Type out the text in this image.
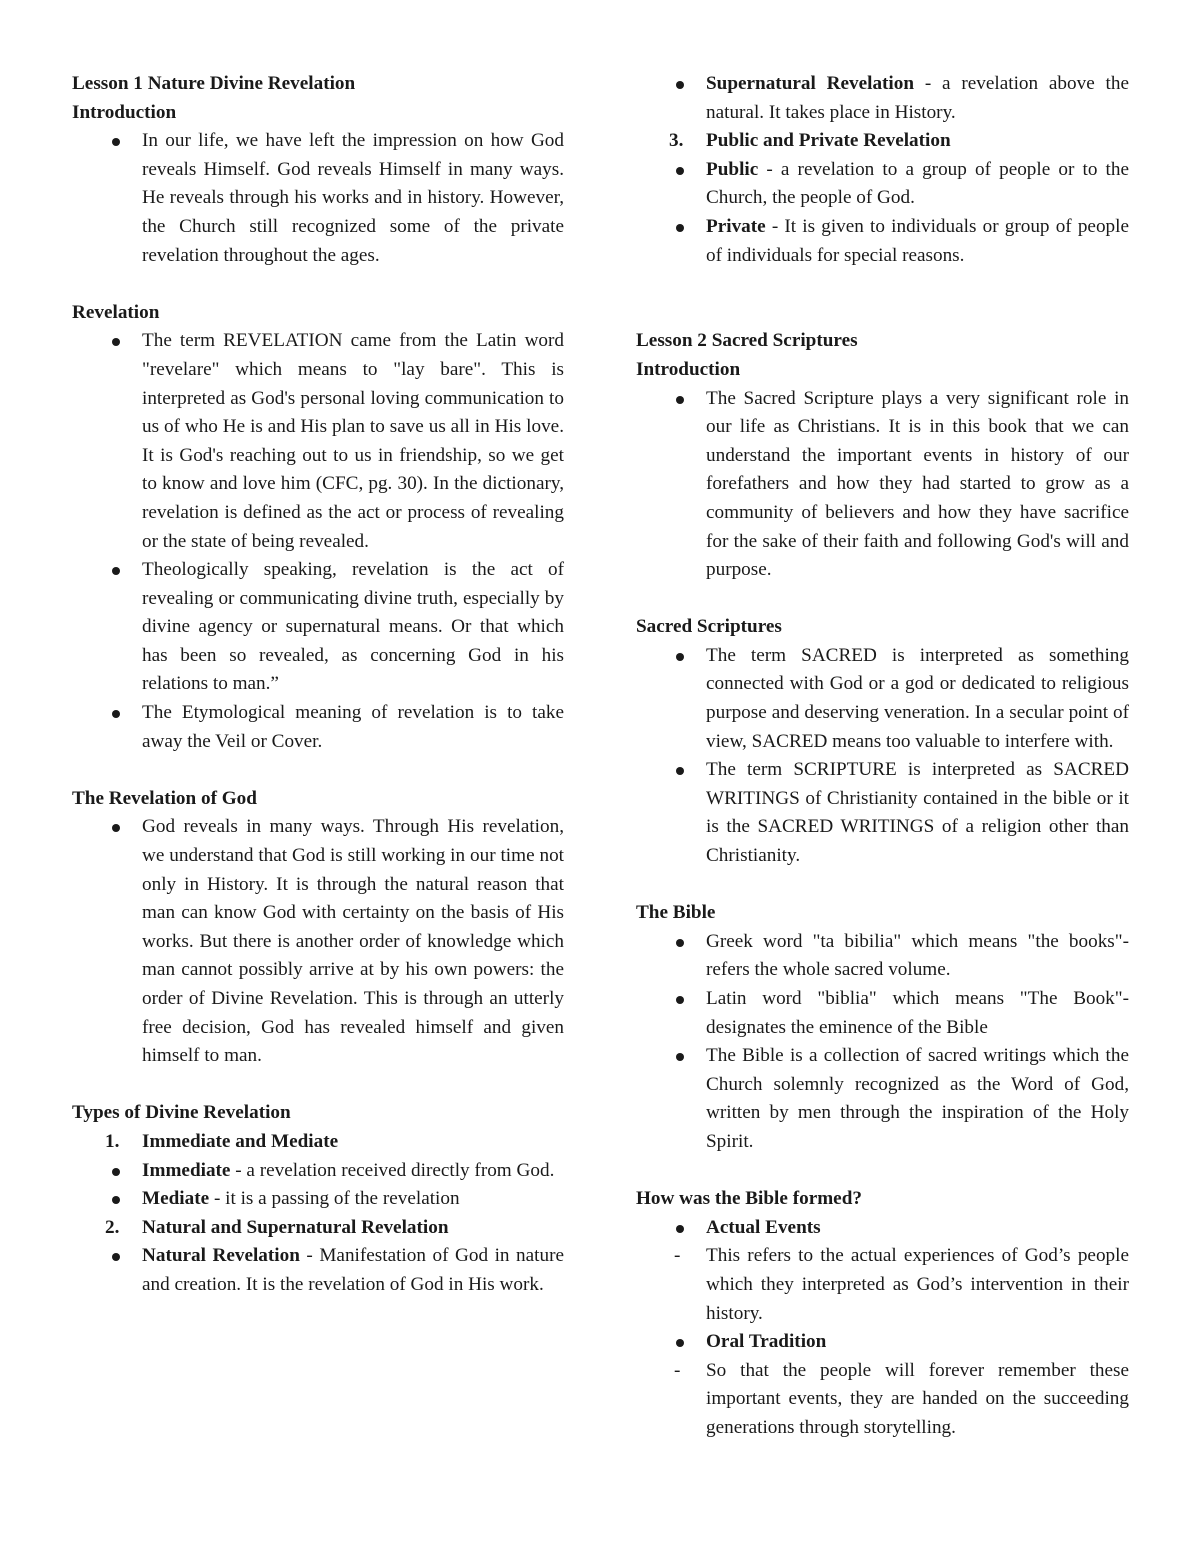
Lesson 1 Nature Divine Revelation

Introduction

In our life, we have left the impression on how God reveals Himself. God reveals Himself in many ways. He reveals through his works and in history. However, the Church still recognized some of the private revelation throughout the ages.

Revelation

The term REVELATION came from the Latin word "revelare" which means to "lay bare". This is interpreted as God's personal loving communication to us of who He is and His plan to save us all in His love. It is God's reaching out to us in friendship, so we get to know and love him (CFC, pg. 30). In the dictionary, revelation is defined as the act or process of revealing or the state of being revealed.
Theologically speaking, revelation is the act of revealing or communicating divine truth, especially by divine agency or supernatural means. Or that which has been so revealed, as concerning God in his relations to man.”
The Etymological meaning of revelation is to take away the Veil or Cover.

The Revelation of God

God reveals in many ways. Through His revelation, we understand that God is still working in our time not only in History. It is through the natural reason that man can know God with certainty on the basis of His works. But there is another order of knowledge which man cannot possibly arrive at by his own powers: the order of Divine Revelation. This is through an utterly free decision, God has revealed himself and given himself to man.

Types of Divine Revelation

1. Immediate and Mediate
Immediate - a revelation received directly from God.
Mediate - it is a passing of the revelation
2. Natural and Supernatural Revelation
Natural Revelation - Manifestation of God in nature and creation. It is the revelation of God in His work.
Supernatural Revelation - a revelation above the natural. It takes place in History.
3. Public and Private Revelation
Public - a revelation to a group of people or to the Church, the people of God.
Private - It is given to individuals or group of people of individuals for special reasons.

Lesson 2 Sacred Scriptures

Introduction

The Sacred Scripture plays a very significant role in our life as Christians. It is in this book that we can understand the important events in history of our forefathers and how they had started to grow as a community of believers and how they have sacrifice for the sake of their faith and following God's will and purpose.

Sacred Scriptures

The term SACRED is interpreted as something connected with God or a god or dedicated to religious purpose and deserving veneration. In a secular point of view, SACRED means too valuable to interfere with.
The term SCRIPTURE is interpreted as SACRED WRITINGS of Christianity contained in the bible or it is the SACRED WRITINGS of a religion other than Christianity.

The Bible

Greek word "ta bibilia" which means "the books"-refers the whole sacred volume.
Latin word "biblia" which means "The Book"-designates the eminence of the Bible
The Bible is a collection of sacred writings which the Church solemnly recognized as the Word of God, written by men through the inspiration of the Holy Spirit.

How was the Bible formed?

Actual Events
- This refers to the actual experiences of God’s people which they interpreted as God’s intervention in their history.
Oral Tradition
- So that the people will forever remember these important events, they are handed on the succeeding generations through storytelling.
